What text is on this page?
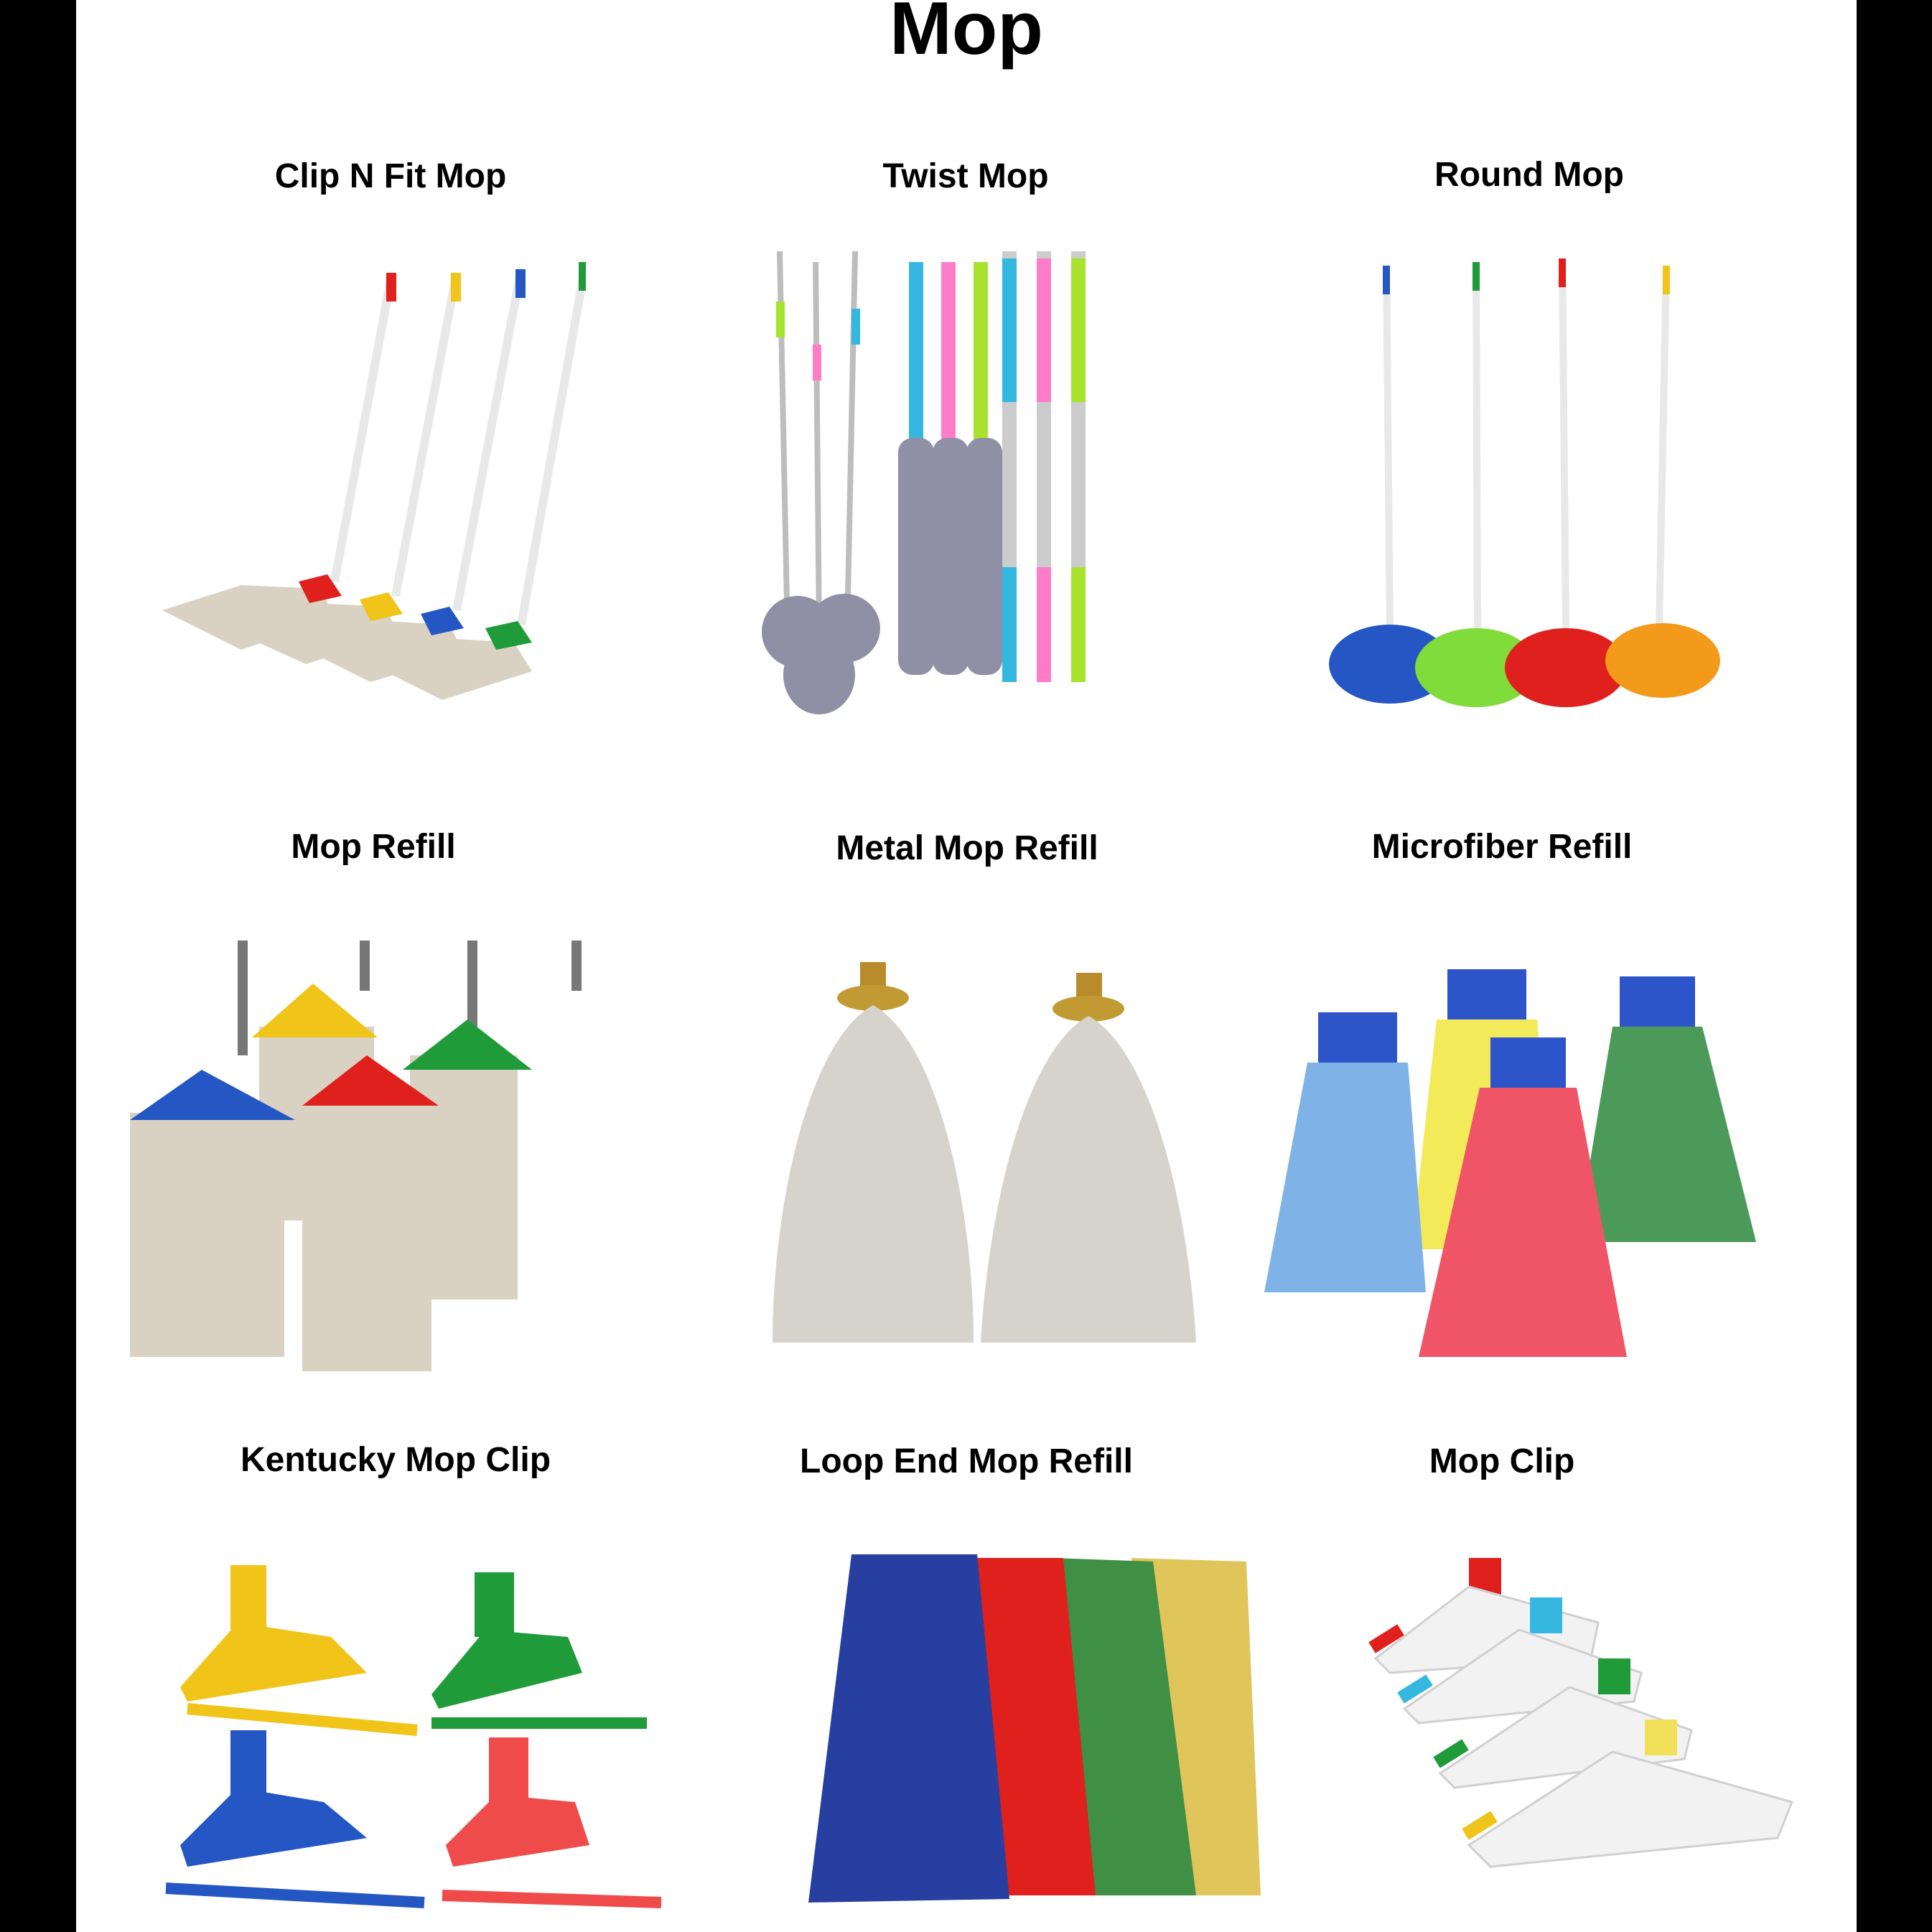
Mop
Clip N Fit Mop	Twist Mop	Round Mop
Mop Refill	Metal Mop Refill	Microfiber Refill
Kentucky Mop Clip	Loop End Mop Refill	Mop Clip
